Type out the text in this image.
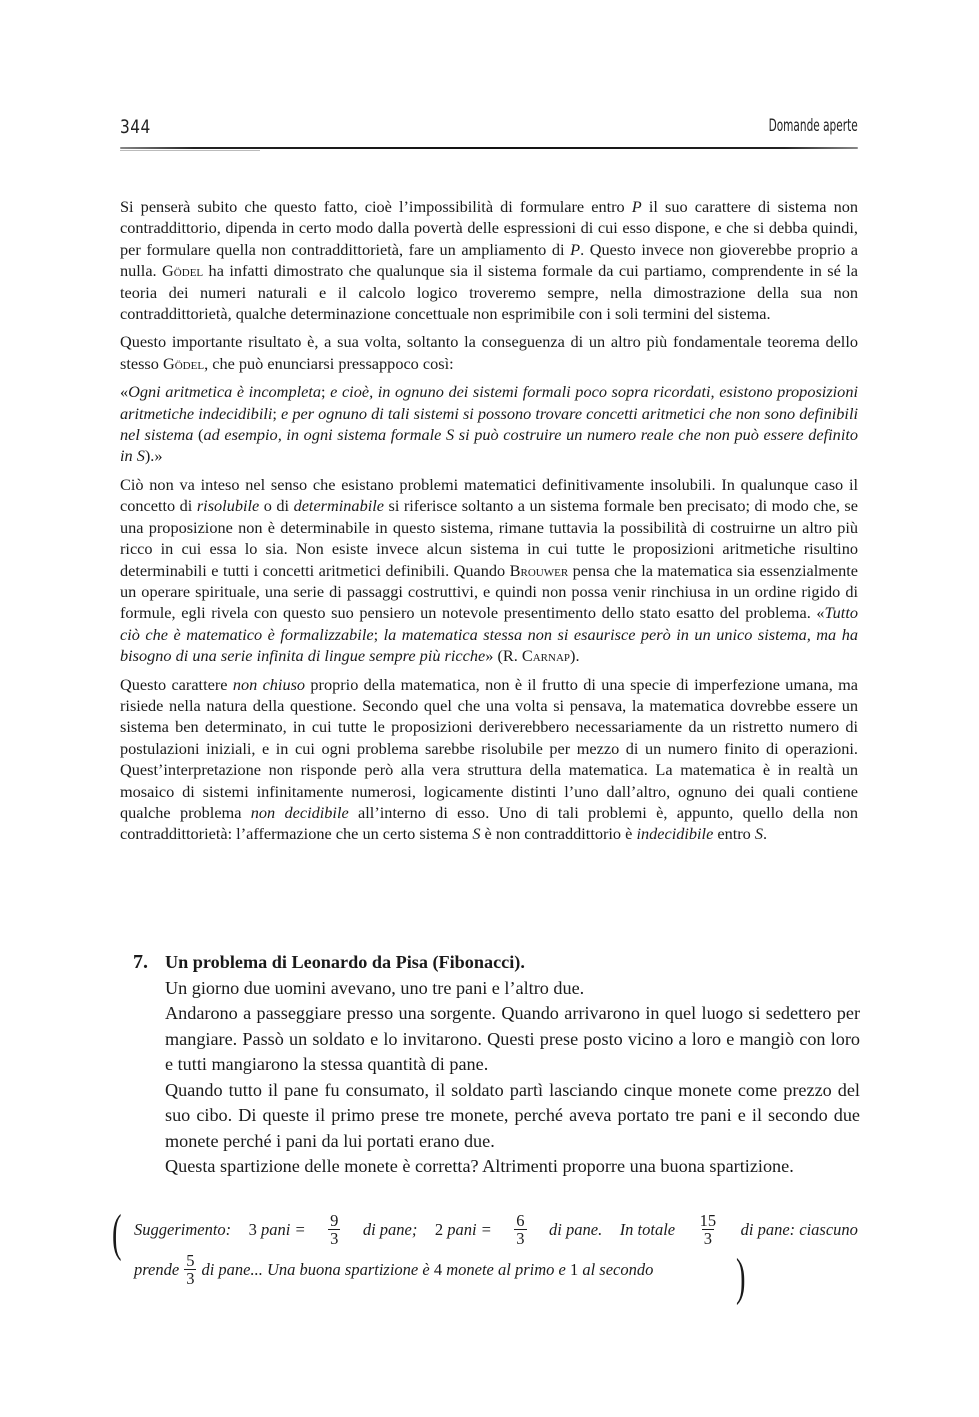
344	Domande aperte

Si penserà subito che questo fatto, cioè l’impossibilità di formulare entro P il suo carattere di sistema non contraddittorio, dipenda in certo modo dalla povertà delle espressioni di cui esso dispone, e che si debba quindi, per formulare quella non contraddittorietà, fare un ampliamento di P. Questo invece non gioverebbe proprio a nulla. Gödel ha infatti dimostrato che qualunque sia il sistema formale da cui partiamo, comprendente in sé la teoria dei numeri naturali e il calcolo logico troveremo sempre, nella dimostrazione della sua non contraddittorietà, qualche determinazione concettuale non esprimibile con i soli termini del sistema.

Questo importante risultato è, a sua volta, soltanto la conseguenza di un altro più fondamentale teorema dello stesso Gödel, che può enunciarsi pressappoco così:

«Ogni aritmetica è incompleta; e cioè, in ognuno dei sistemi formali poco sopra ricordati, esistono proposizioni aritmetiche indecidibili; e per ognuno di tali sistemi si possono trovare concetti aritmetici che non sono definibili nel sistema (ad esempio, in ogni sistema formale S si può costruire un numero reale che non può essere definito in S).»

Ciò non va inteso nel senso che esistano problemi matematici definitivamente insolubili. In qualunque caso il concetto di risolubile o di determinabile si riferisce soltanto a un sistema formale ben precisato; di modo che, se una proposizione non è determinabile in questo sistema, rimane tuttavia la possibilità di costruirne un altro più ricco in cui essa lo sia. Non esiste invece alcun sistema in cui tutte le proposizioni aritmetiche risultino determinabili e tutti i concetti aritmetici definibili. Quando Brouwer pensa che la matematica sia essenzialmente un operare spirituale, una serie di passaggi costruttivi, e quindi non possa venir rinchiusa in un ordine rigido di formule, egli rivela con questo suo pensiero un notevole presentimento dello stato esatto del problema. «Tutto ciò che è matematico è formalizzabile; la matematica stessa non si esaurisce però in un unico sistema, ma ha bisogno di una serie infinita di lingue sempre più ricche» (R. Carnap).

Questo carattere non chiuso proprio della matematica, non è il frutto di una specie di imperfezione umana, ma risiede nella natura della questione. Secondo quel che una volta si pensava, la matematica dovrebbe essere un sistema ben determinato, in cui tutte le proposizioni deriverebbero necessariamente da un ristretto numero di postulazioni iniziali, e in cui ogni problema sarebbe risolubile per mezzo di un numero finito di operazioni. Quest’interpretazione non risponde però alla vera struttura della matematica. La matematica è in realtà un mosaico di sistemi infinitamente numerosi, logicamente distinti l’uno dall’altro, ognuno dei quali contiene qualche problema non decidibile all’interno di esso. Uno di tali problemi è, appunto, quello della non contraddittorietà: l’affermazione che un certo sistema S è non contraddittorio è indecidibile entro S.

7. Un problema di Leonardo da Pisa (Fibonacci).

Un giorno due uomini avevano, uno tre pani e l’altro due.

Andarono a passeggiare presso una sorgente. Quando arrivarono in quel luogo si sedettero per mangiare. Passò un soldato e lo invitarono. Questi prese posto vicino a loro e mangiò con loro e tutti mangiarono la stessa quantità di pane.

Quando tutto il pane fu consumato, il soldato partì lasciando cinque monete come prezzo del suo cibo. Di queste il primo prese tre monete, perché aveva portato tre pani e il secondo due monete perché i pani da lui portati erano due.

Questa spartizione delle monete è corretta? Altrimenti proporre una buona spartizione.

( Suggerimento : 3
pani = $\frac{9}{3}$ di pane; 2
pani = $\frac{6}{3}$ di pane. In totale $\frac{15}{3}$ di pane: ciascuno
prende $\frac{5}{3}$ di pane... Una buona spartizione è
4
monete al primo e
1
al secondo )
